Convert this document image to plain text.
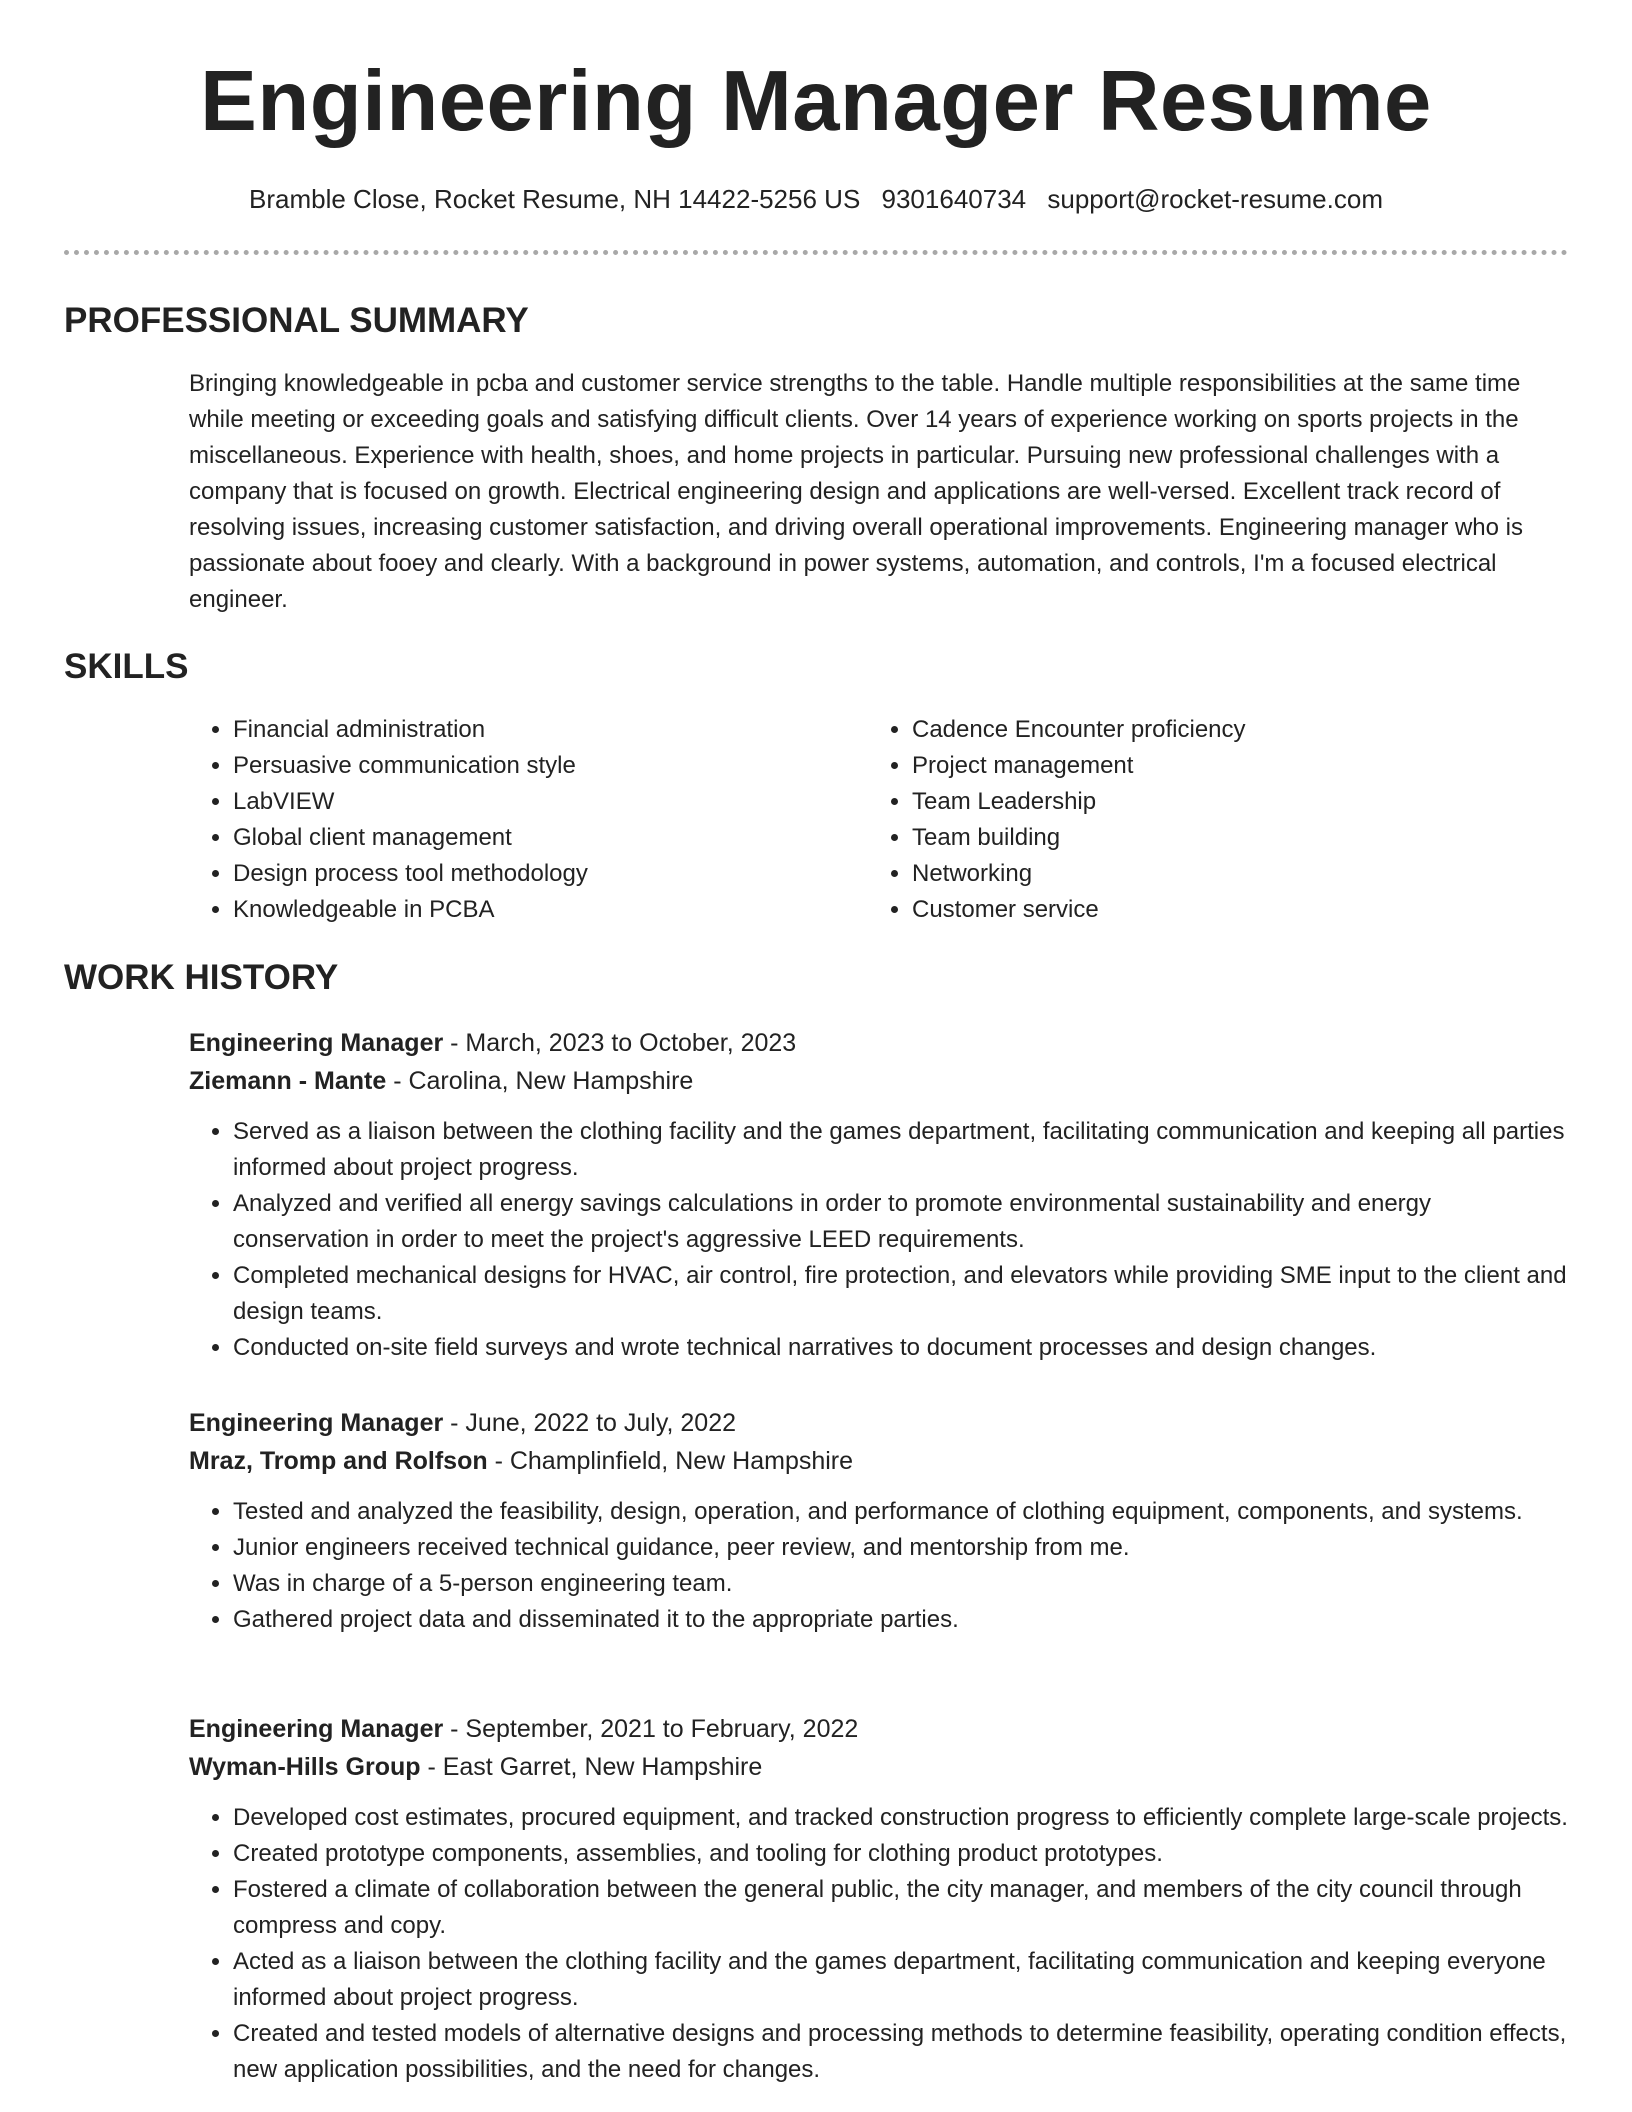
Engineering Manager Resume
Bramble Close, Rocket Resume, NH 14422-5256 US 9301640734 support@rocket-resume.com
PROFESSIONAL SUMMARY

Bringing knowledgeable in pcba and customer service strengths to the table. Handle multiple responsibilities at the same time while meeting or exceeding goals and satisfying difficult clients. Over 14 years of experience working on sports projects in the miscellaneous. Experience with health, shoes, and home projects in particular. Pursuing new professional challenges with a company that is focused on growth. Electrical engineering design and applications are well-versed. Excellent track record of resolving issues, increasing customer satisfaction, and driving overall operational improvements. Engineering manager who is passionate about fooey and clearly. With a background in power systems, automation, and controls, I'm a focused electrical engineer.

SKILLS
• Financial administration
• Persuasive communication style
• LabVIEW
• Global client management
• Design process tool methodology
• Knowledgeable in PCBA
• Cadence Encounter proficiency
• Project management
• Team Leadership
• Team building
• Networking
• Customer service
WORK HISTORY
Engineering Manager - March, 2023 to October, 2023
Ziemann - Mante - Carolina, New Hampshire
• Served as a liaison between the clothing facility and the games department, facilitating communication and keeping all parties informed about project progress.
• Analyzed and verified all energy savings calculations in order to promote environmental sustainability and energy conservation in order to meet the project's aggressive LEED requirements.
• Completed mechanical designs for HVAC, air control, fire protection, and elevators while providing SME input to the client and design teams.
• Conducted on-site field surveys and wrote technical narratives to document processes and design changes.
Engineering Manager - June, 2022 to July, 2022
Mraz, Tromp and Rolfson - Champlinfield, New Hampshire
• Tested and analyzed the feasibility, design, operation, and performance of clothing equipment, components, and systems.
• Junior engineers received technical guidance, peer review, and mentorship from me.
• Was in charge of a 5-person engineering team.
• Gathered project data and disseminated it to the appropriate parties.
Engineering Manager - September, 2021 to February, 2022
Wyman-Hills Group - East Garret, New Hampshire
• Developed cost estimates, procured equipment, and tracked construction progress to efficiently complete large-scale projects.
• Created prototype components, assemblies, and tooling for clothing product prototypes.
• Fostered a climate of collaboration between the general public, the city manager, and members of the city council through compress and copy.
• Acted as a liaison between the clothing facility and the games department, facilitating communication and keeping everyone informed about project progress.
• Created and tested models of alternative designs and processing methods to determine feasibility, operating condition effects, new application possibilities, and the need for changes.
